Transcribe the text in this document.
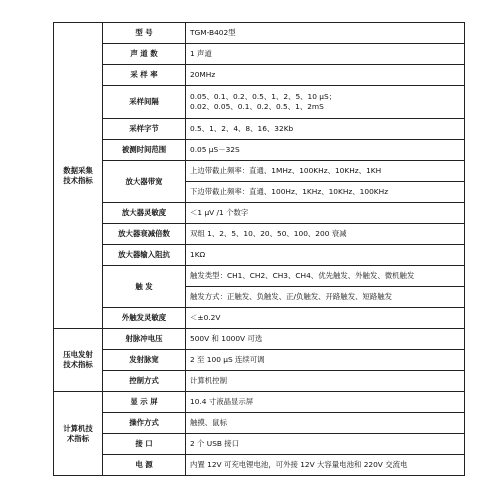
数据采集
技术指标	型 号	TGM-B402型
	声 道 数	1 声道
	采 样 率	20MHz
	采样间隔	0.05、0.1、0.2、0.5、1、2、5、10 μS；
0.02、0.05、0.1、0.2、0.5、1、2mS

	采样字节	0.5、1、2、4、8、16、32Kb
	被测时间范围	0.05 μS－32S
	放大器带宽	上边带截止频率：直通、1MHz、100KHz、10KHz、1KH
		下边带截止频率：直通、100Hz、1KHz、10KHz、100KHz
	放大器灵敏度	＜1 μV /1 个数字
	放大器衰减倍数	双组 1、2、5、10、20、50、100、200 衰减
	放大器输入阻抗	1KΩ
	触 发	触发类型：CH1、CH2、CH3、CH4、优先触发、外触发、微机触发
		触发方式：正触发、负触发、正/负触发、开路触发、短路触发
	外触发灵敏度	＜±0.2V

压电发射
技术指标	射脉冲电压	500V 和 1000V 可选
	发射脉宽	2 至 100 μS 连续可调
	控制方式	计算机控制

计算机技
术指标	显 示 屏	10.4 寸液晶显示屏
	操作方式	触摸、鼠标
	接 口	2 个 USB 接口
	电 源	内置 12V 可充电锂电池，可外接 12V 大容量电池和 220V 交流电
